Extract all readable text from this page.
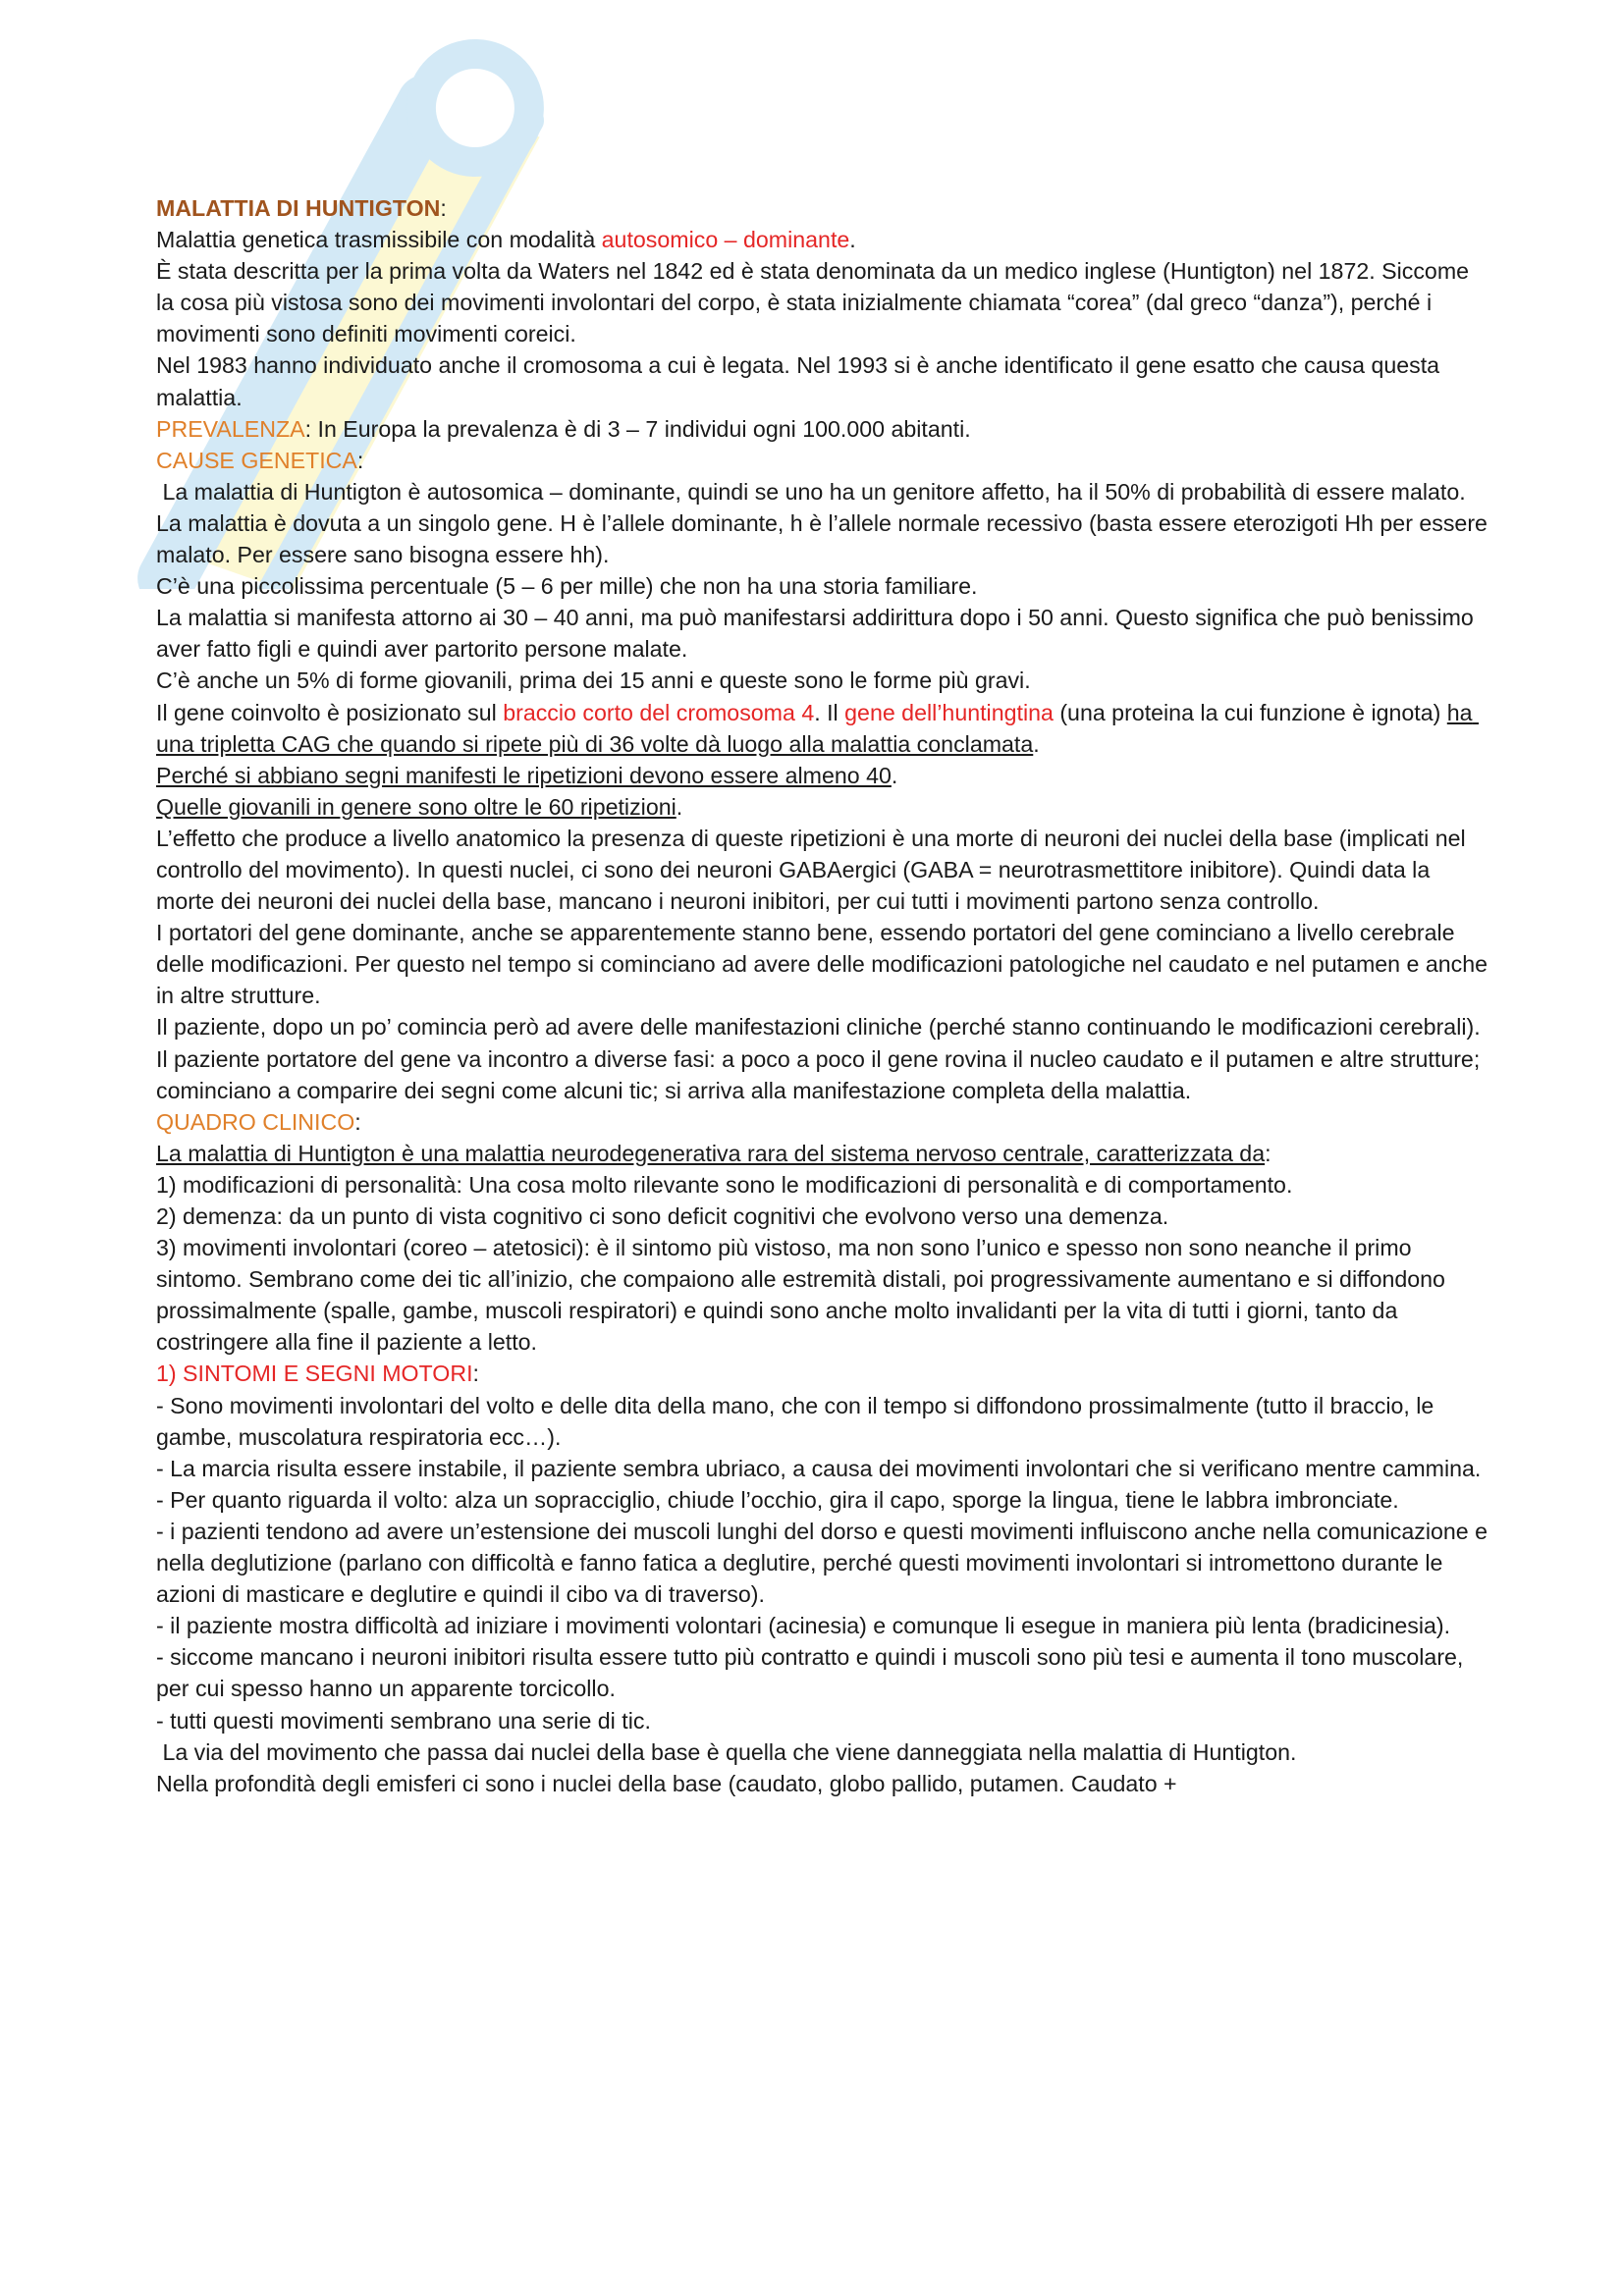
MALATTIA DI HUNTIGTON:

Malattia genetica trasmissibile con modalità autosomico – dominante.

È stata descritta per la prima volta da Waters nel 1842 ed è stata denominata da un medico inglese (Huntigton) nel 1872. Siccome la cosa più vistosa sono dei movimenti involontari del corpo, è stata inizialmente chiamata “corea” (dal greco “danza”), perché i movimenti sono definiti movimenti coreici.

Nel 1983 hanno individuato anche il cromosoma a cui è legata. Nel 1993 si è anche identificato il gene esatto che causa questa malattia.

PREVALENZA: In Europa la prevalenza è di 3 – 7 individui ogni 100.000 abitanti.

CAUSE GENETICA:

La malattia di Huntigton è autosomica – dominante, quindi se uno ha un genitore affetto, ha il 50% di probabilità di essere malato. La malattia è dovuta a un singolo gene. H è l’allele dominante, h è l’allele normale recessivo (basta essere eterozigoti Hh per essere malato. Per essere sano bisogna essere hh).

C’è una piccolissima percentuale (5 – 6 per mille) che non ha una storia familiare.

La malattia si manifesta attorno ai 30 – 40 anni, ma può manifestarsi addirittura dopo i 50 anni. Questo significa che può benissimo aver fatto figli e quindi aver partorito persone malate.

C’è anche un 5% di forme giovanili, prima dei 15 anni e queste sono le forme più gravi.

Il gene coinvolto è posizionato sul braccio corto del cromosoma 4. Il gene dell’huntingtina (una proteina la cui funzione è ignota) ha una tripletta CAG che quando si ripete più di 36 volte dà luogo alla malattia conclamata.

Perché si abbiano segni manifesti le ripetizioni devono essere almeno 40.

Quelle giovanili in genere sono oltre le 60 ripetizioni.

L’effetto che produce a livello anatomico la presenza di queste ripetizioni è una morte di neuroni dei nuclei della base (implicati nel controllo del movimento). In questi nuclei, ci sono dei neuroni GABAergici (GABA = neurotrasmettitore inibitore). Quindi data la morte dei neuroni dei nuclei della base, mancano i neuroni inibitori, per cui tutti i movimenti partono senza controllo.

I portatori del gene dominante, anche se apparentemente stanno bene, essendo portatori del gene cominciano a livello cerebrale delle modificazioni. Per questo nel tempo si cominciano ad avere delle modificazioni patologiche nel caudato e nel putamen e anche in altre strutture.

Il paziente, dopo un po’ comincia però ad avere delle manifestazioni cliniche (perché stanno continuando le modificazioni cerebrali).

Il paziente portatore del gene va incontro a diverse fasi: a poco a poco il gene rovina il nucleo caudato e il putamen e altre strutture; cominciano a comparire dei segni come alcuni tic; si arriva alla manifestazione completa della malattia.

QUADRO CLINICO:

La malattia di Huntigton è una malattia neurodegenerativa rara del sistema nervoso centrale, caratterizzata da:

1) modificazioni di personalità: Una cosa molto rilevante sono le modificazioni di personalità e di comportamento.

2) demenza: da un punto di vista cognitivo ci sono deficit cognitivi che evolvono verso una demenza.

3) movimenti involontari (coreo – atetosici): è il sintomo più vistoso, ma non sono l’unico e spesso non sono neanche il primo sintomo. Sembrano come dei tic all’inizio, che compaiono alle estremità distali, poi progressivamente aumentano e si diffondono prossimalmente (spalle, gambe, muscoli respiratori) e quindi sono anche molto invalidanti per la vita di tutti i giorni, tanto da costringere alla fine il paziente a letto.

1) SINTOMI E SEGNI MOTORI:

- Sono movimenti involontari del volto e delle dita della mano, che con il tempo si diffondono prossimalmente (tutto il braccio, le gambe, muscolatura respiratoria ecc…).

- La marcia risulta essere instabile, il paziente sembra ubriaco, a causa dei movimenti involontari che si verificano mentre cammina.

- Per quanto riguarda il volto: alza un sopracciglio, chiude l’occhio, gira il capo, sporge la lingua, tiene le labbra imbronciate.

- i pazienti tendono ad avere un’estensione dei muscoli lunghi del dorso e questi movimenti influiscono anche nella comunicazione e nella deglutizione (parlano con difficoltà e fanno fatica a deglutire, perché questi movimenti involontari si intromettono durante le azioni di masticare e deglutire e quindi il cibo va di traverso).

- il paziente mostra difficoltà ad iniziare i movimenti volontari (acinesia) e comunque li esegue in maniera più lenta (bradicinesia).

- siccome mancano i neuroni inibitori risulta essere tutto più contratto e quindi i muscoli sono più tesi e aumenta il tono muscolare, per cui spesso hanno un apparente torcicollo.

- tutti questi movimenti sembrano una serie di tic.

La via del movimento che passa dai nuclei della base è quella che viene danneggiata nella malattia di Huntigton.

Nella profondità degli emisferi ci sono i nuclei della base (caudato, globo pallido, putamen. Caudato +
